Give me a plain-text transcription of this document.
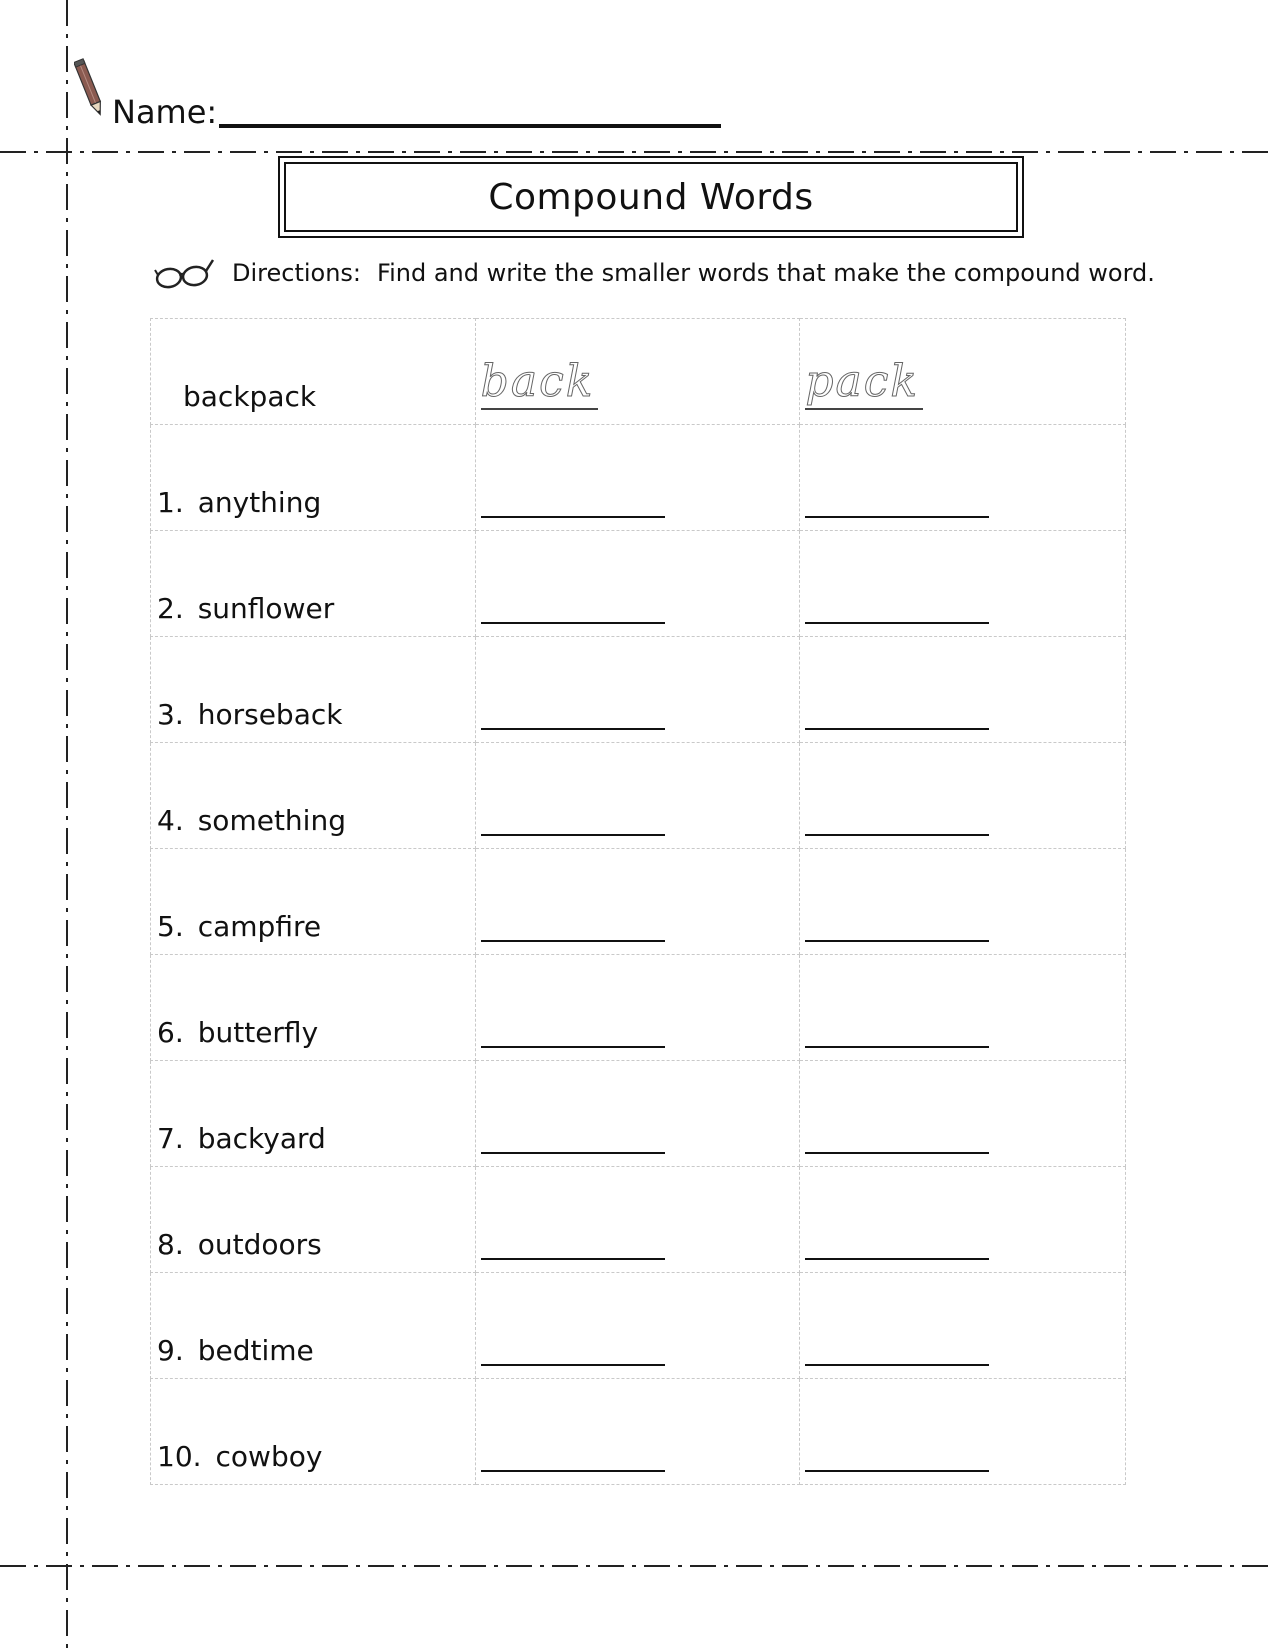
Name:
Compound Words
Directions: Find and write the smaller words that make the compound word.
backpack	back	pack

1. anything		

2. sunflower		

3. horseback		

4. something		

5. campfire		

6. butterfly		

7. backyard		

8. outdoors		

9. bedtime		

10. cowboy		
